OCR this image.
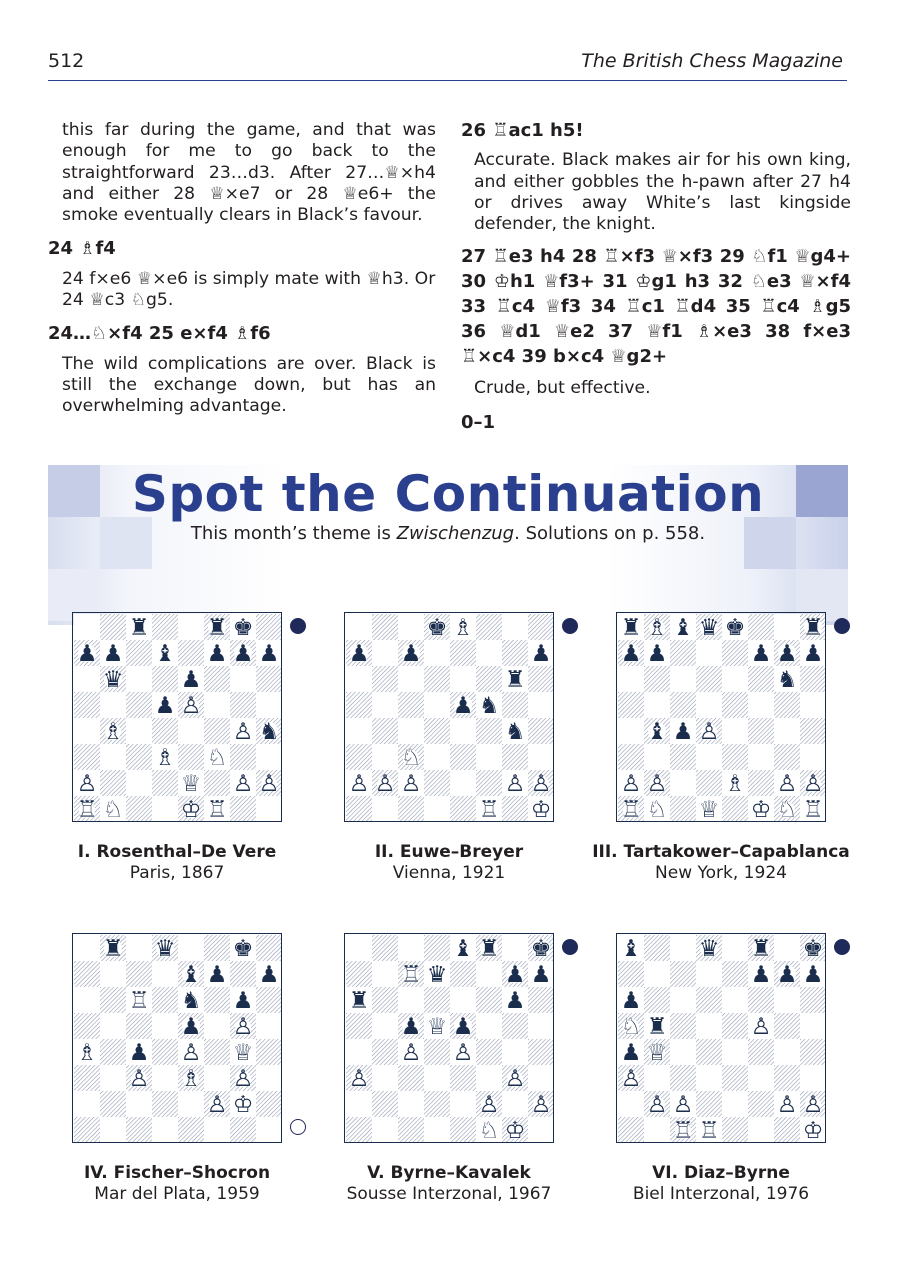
512	The British Chess Magazine

this far during the game, and that was enough for me to go back to the straightforward 23…d3. After 27…♕×h4 and either 28 ♕×e7 or 28 ♕e6+ the smoke eventually clears in Black’s favour.

24 ♗f4

24 f×e6 ♕×e6 is simply mate with ♕h3. Or 24 ♕c3 ♘g5.

24…♘×f4 25 e×f4 ♗f6

The wild complications are over. Black is still the exchange down, but has an overwhelming advantage.

26 ♖ac1 h5!

Accurate. Black makes air for his own king, and either gobbles the h-pawn after 27 h4 or drives away White’s last kingside defender, the knight.

27 ♖e3 h4 28 ♖×f3 ♕×f3 29 ♘f1 ♕g4+ 30 ♔h1 ♕f3+ 31 ♔g1 h3 32 ♘e3 ♕×f4 33 ♖c4 ♕f3 34 ♖c1 ♖d4 35 ♖c4 ♗g5 36 ♕d1 ♕e2 37 ♕f1 ♗×e3 38 f×e3 ♖×c4 39 b×c4 ♕g2+

Crude, but effective.

0–1

Spot the Continuation
This month’s theme is Zwischenzug. Solutions on p. 558.
♜ ♜ ♚
♟ ♟ ♝ ♟ ♟ ♟
♛ ♟
♟ ♙
♗	♙ ♞
♗ ♘
♙	♕ ♙ ♙
♖ ♘ ♔ ♖
I. Rosenthal–De Vere
Paris, 1867
♚ ♗
♟ ♟	♟
♜
♟ ♞
♞
♘
♙ ♙ ♙	♙ ♙
♖ ♔
II. Euwe–Breyer
Vienna, 1921
♜ ♗ ♝ ♛ ♚ ♜
♟ ♟	♟ ♟ ♟
♞
♝ ♟ ♙
♙ ♙ ♗ ♙ ♙
♖ ♘ ♕ ♔ ♘ ♖
III. Tartakower–Capablanca
New York, 1924
♜ ♛ ♚
♝ ♟ ♟
♖ ♞ ♟
♟ ♙
♗ ♟ ♙ ♕
♙ ♗ ♙
♙ ♔
IV. Fischer–Shocron
Mar del Plata, 1959
♝ ♜ ♚
♖ ♛ ♟ ♟
♜	♟
♟ ♕ ♟
♙ ♙
♙	♙
♙ ♙
♘ ♔
V. Byrne–Kavalek
Sousse Interzonal, 1967
♝ ♛ ♜ ♚
♟ ♟ ♟
♟
♘ ♜	♙
♟ ♕
♙
♙ ♙	♙ ♙
♖ ♖	♔
VI. Diaz–Byrne
Biel Interzonal, 1976
